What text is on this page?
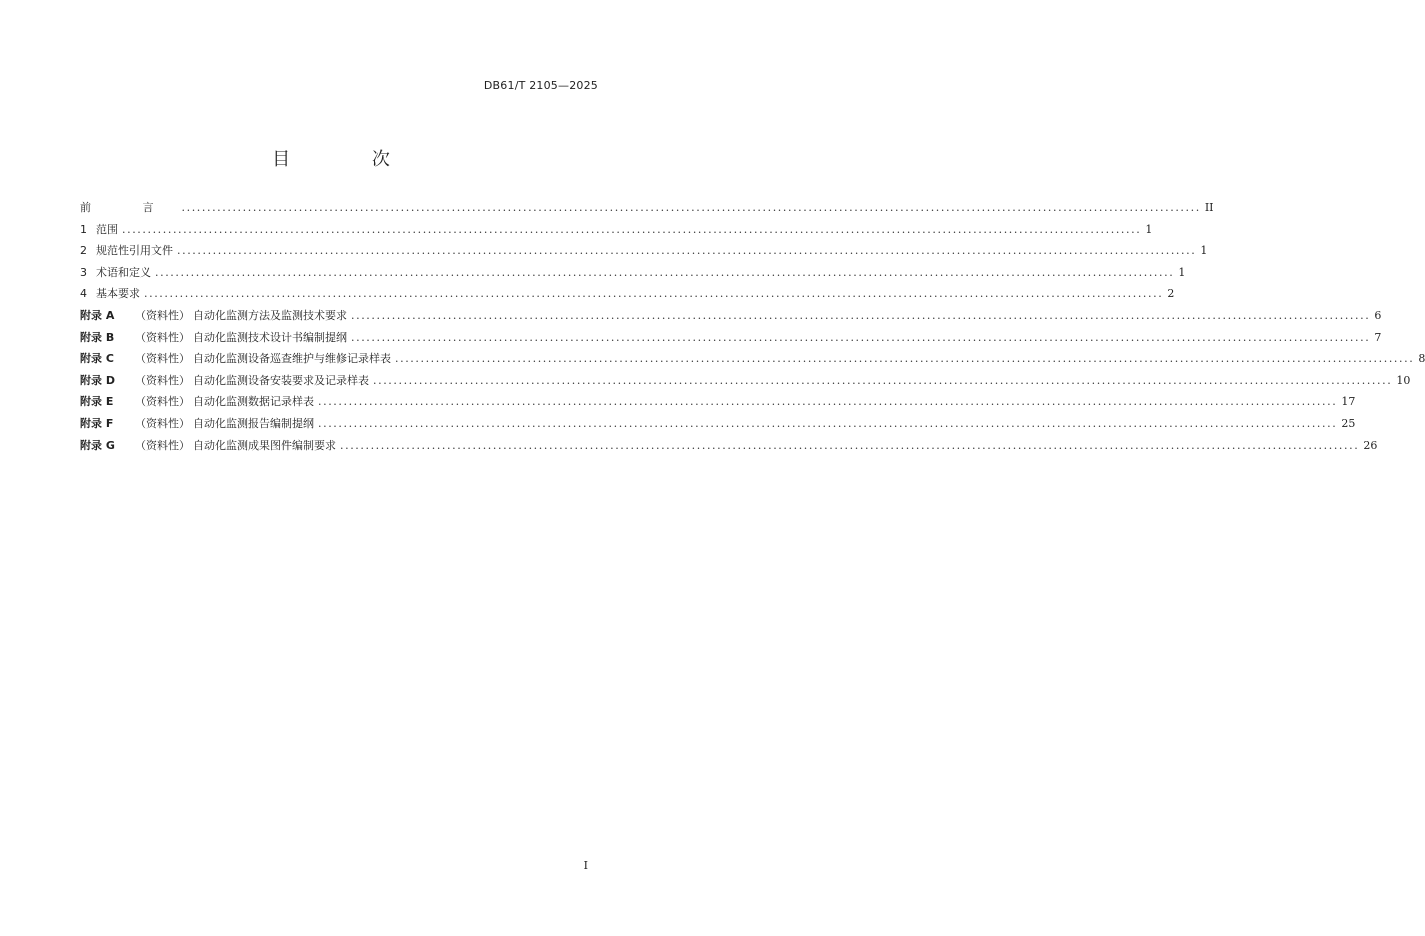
DB61/T 2105—2025
目 次
前 言 ........................................................................................................................................................................................................ II
1 范围 ........................................................................................................................................................................................................ 1
2 规范性引用文件 ........................................................................................................................................................................................................ 1
3 术语和定义 ........................................................................................................................................................................................................ 1
4 基本要求 ........................................................................................................................................................................................................ 2
附录 A	（资料性） 自动化监测方法及监测技术要求 ........................................................................................................................................................................................................ 6
附录 B	（资料性） 自动化监测技术设计书编制提纲 ........................................................................................................................................................................................................ 7
附录 C	（资料性） 自动化监测设备巡查维护与维修记录样表 ........................................................................................................................................................................................................ 8
附录 D	（资料性） 自动化监测设备安装要求及记录样表 ........................................................................................................................................................................................................ 10
附录 E	（资料性） 自动化监测数据记录样表 ........................................................................................................................................................................................................ 17
附录 F	（资料性） 自动化监测报告编制提纲 ........................................................................................................................................................................................................ 25
附录 G	（资料性） 自动化监测成果图件编制要求 ........................................................................................................................................................................................................ 26
I
